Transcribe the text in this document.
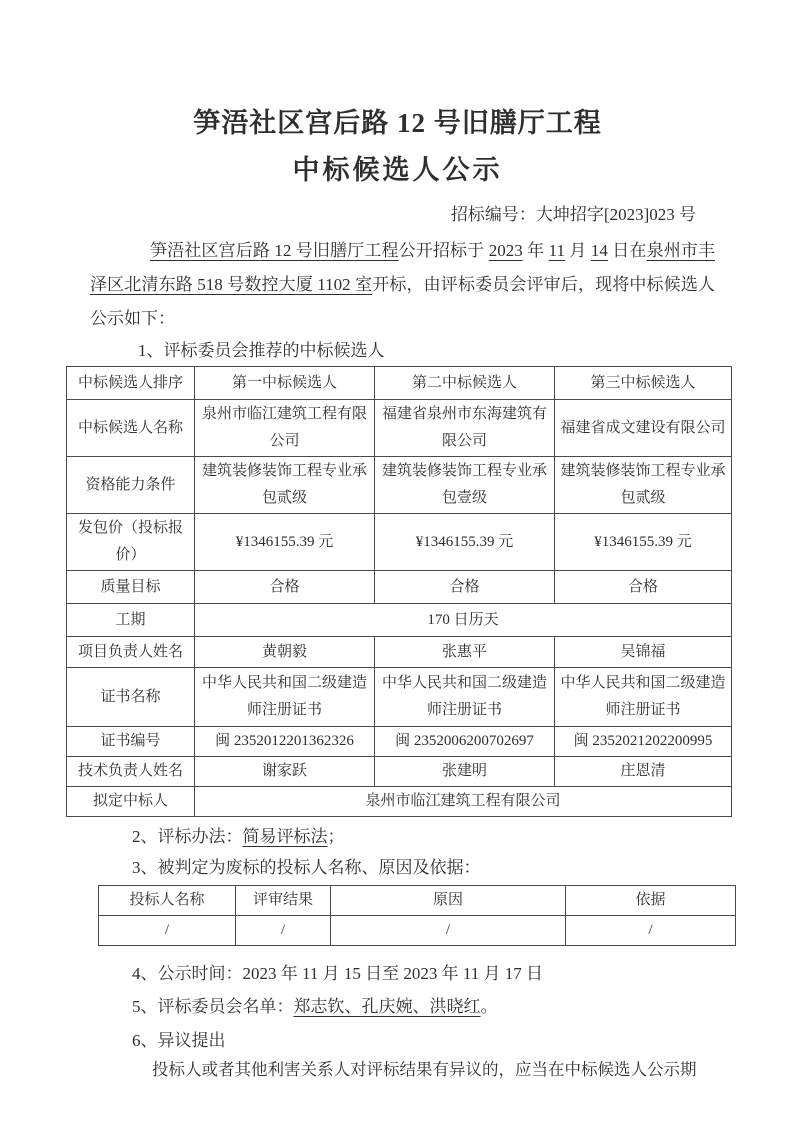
笋浯社区宫后路 12 号旧膳厅工程
中标候选人公示

招标编号：大坤招字[2023]023 号

笋浯社区宫后路 12 号旧膳厅工程公开招标于 2023 年 11 月 14 日在泉州市丰泽区北清东路 518 号数控大厦 1102 室开标，由评标委员会评审后，现将中标候选人公示如下：

1、评标委员会推荐的中标候选人

中标候选人排序	第一中标候选人	第二中标候选人	第三中标候选人
中标候选人名称	泉州市临江建筑工程有限公司	福建省泉州市东海建筑有限公司	福建省成文建设有限公司
资格能力条件	建筑装修装饰工程专业承包贰级	建筑装修装饰工程专业承包壹级	建筑装修装饰工程专业承包贰级
发包价（投标报价）	¥1346155.39 元	¥1346155.39 元	¥1346155.39 元
质量目标	合格	合格	合格
工期	170 日历天		
项目负责人姓名	黄朝毅	张惠平	吴锦福
证书名称	中华人民共和国二级建造师注册证书	中华人民共和国二级建造师注册证书	中华人民共和国二级建造师注册证书
证书编号	闽 2352012201362326	闽 2352006200702697	闽 2352021202200995
技术负责人姓名	谢家跃	张建明	庄恩清
拟定中标人	泉州市临江建筑工程有限公司		

2、评标办法：简易评标法；

3、被判定为废标的投标人名称、原因及依据：

投标人名称	评审结果	原因	依据
/	/	/	/

4、公示时间：2023 年 11 月 15 日至 2023 年 11 月 17 日

5、评标委员会名单：郑志钦、孔庆婉、洪晓红。

6、异议提出

投标人或者其他利害关系人对评标结果有异议的，应当在中标候选人公示期
